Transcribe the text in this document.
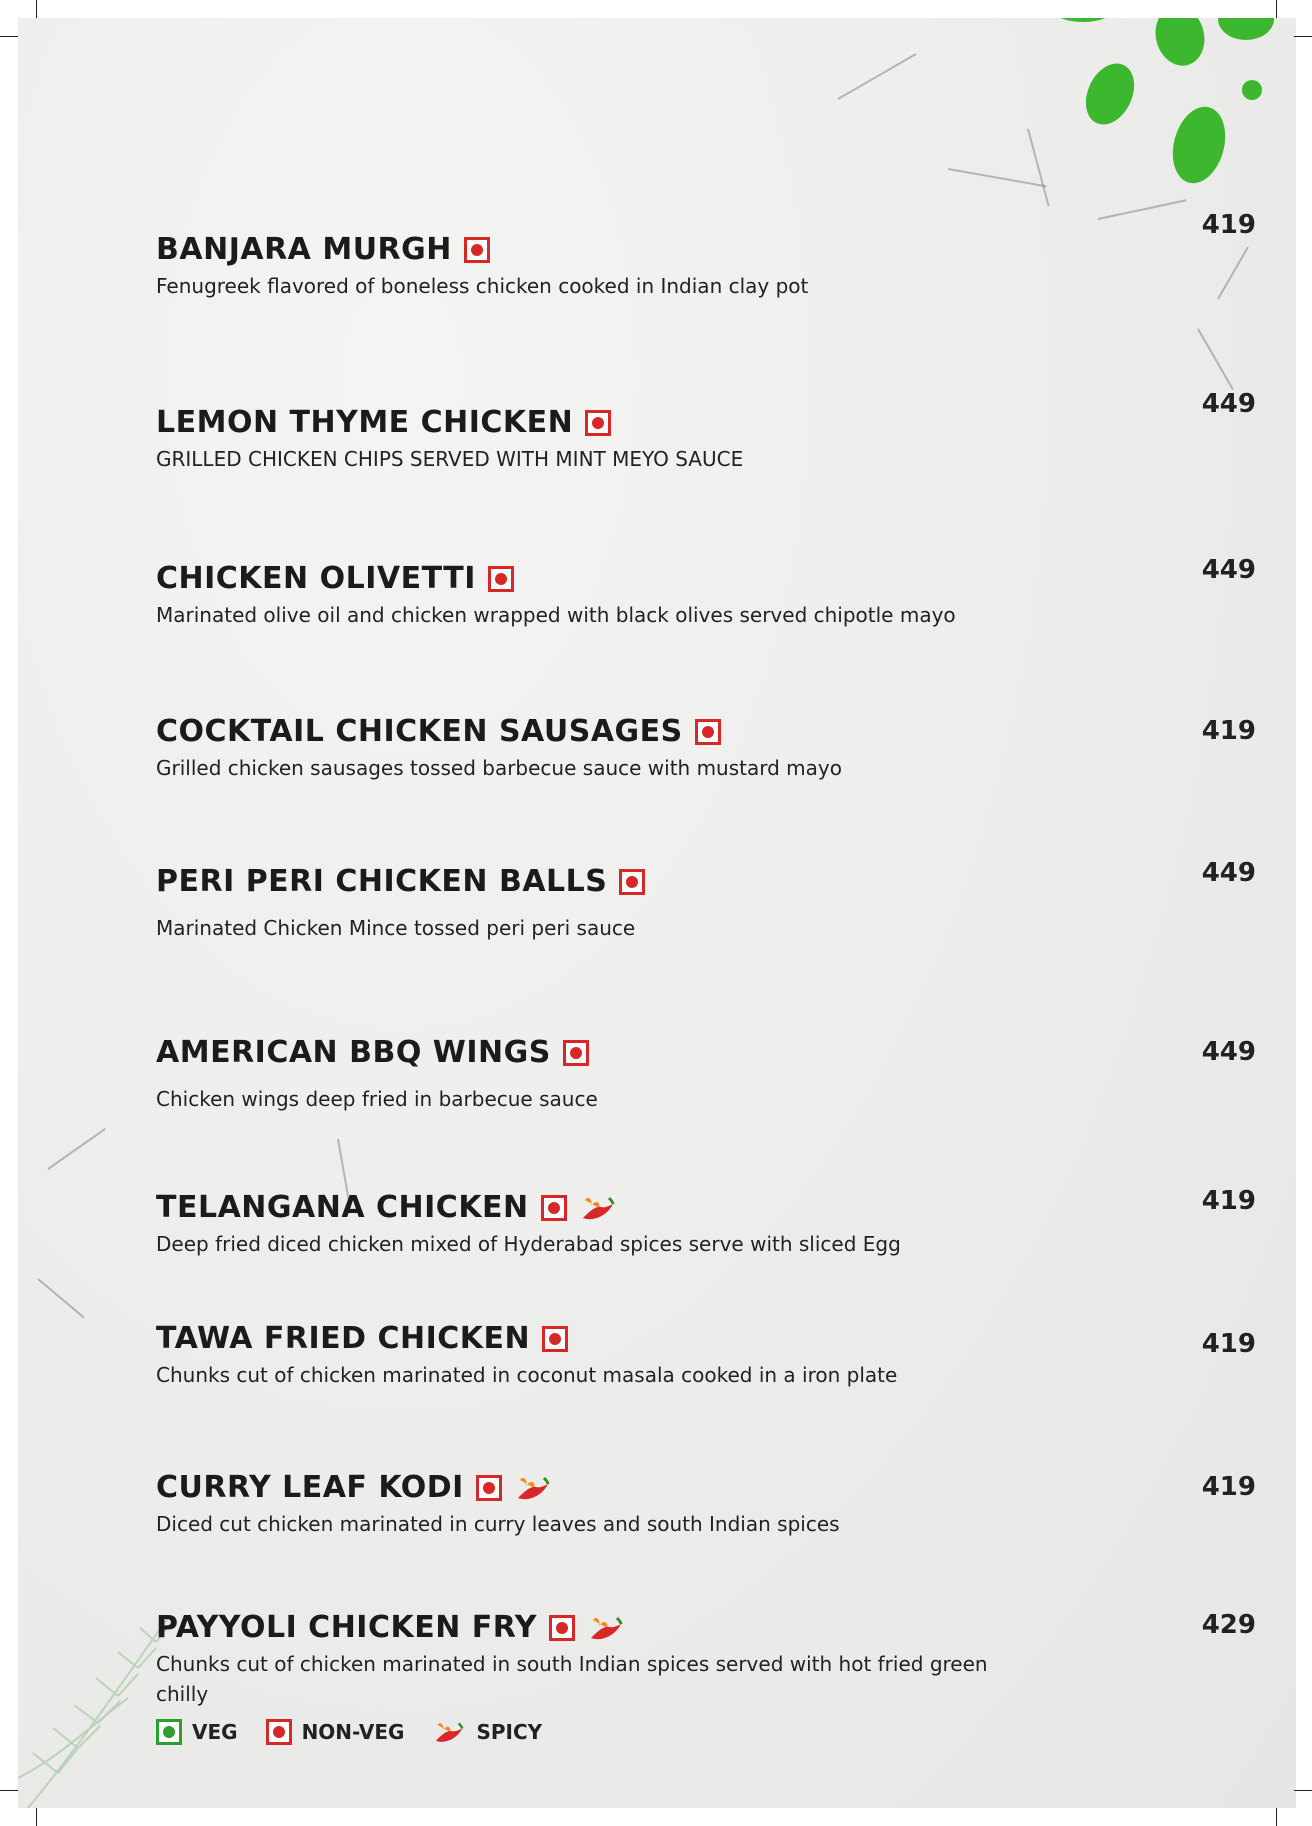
BANJARA MURGH
Fenugreek flavored of boneless chicken cooked in Indian clay pot
419
LEMON THYME CHICKEN
GRILLED CHICKEN CHIPS SERVED WITH MINT MEYO SAUCE
449
CHICKEN OLIVETTI
Marinated olive oil and chicken wrapped with black olives served chipotle mayo
449
COCKTAIL CHICKEN SAUSAGES
Grilled chicken sausages tossed barbecue sauce with mustard mayo
419
PERI PERI CHICKEN BALLS
Marinated Chicken Mince tossed peri peri sauce
449
AMERICAN BBQ WINGS
Chicken wings deep fried in barbecue sauce
449
TELANGANA CHICKEN
Deep fried diced chicken mixed of Hyderabad spices serve with sliced Egg
419
TAWA FRIED CHICKEN
Chunks cut of chicken marinated in coconut masala cooked in a iron plate
419
CURRY LEAF KODI
Diced cut chicken marinated in curry leaves and south Indian spices
419
PAYYOLI CHICKEN FRY
Chunks cut of chicken marinated in south Indian spices served with hot fried green chilly
429
VEG	NON-VEG	SPICY
